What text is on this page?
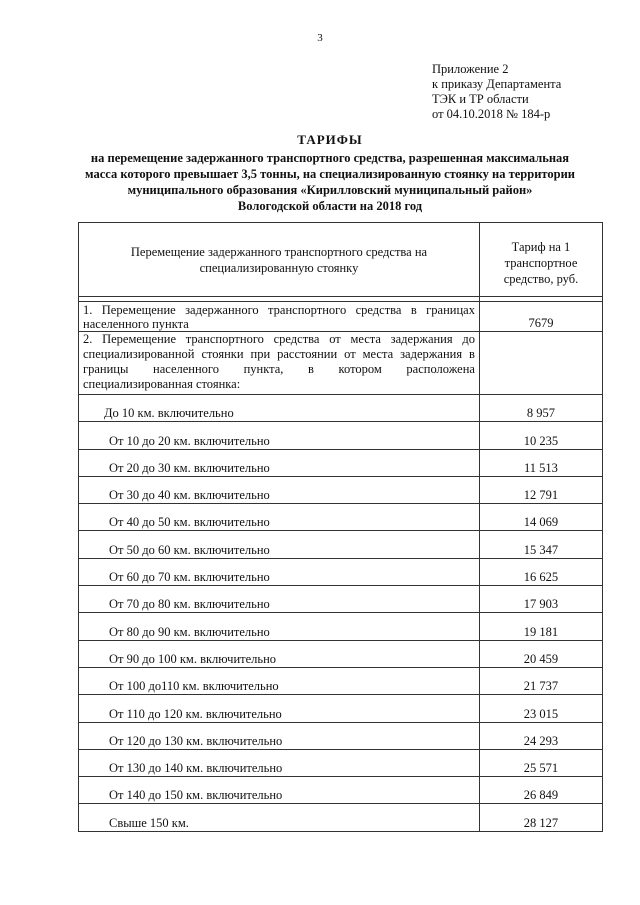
3
Приложение 2
к приказу Департамента
ТЭК и ТР области
от 04.10.2018 № 184-р
ТАРИФЫ
на перемещение задержанного транспортного средства, разрешенная максимальная
масса которого превышает 3,5 тонны, на специализированную стоянку на территории
муниципального образования «Кирилловский муниципальный район»
Вологодской области на 2018 год
Перемещение задержанного транспортного средства на специализированную стоянку	Тариф на 1
транспортное
средство, руб.

1. Перемещение задержанного транспортного средства в границах
населенного пункта	7679

2. Перемещение транспортного средства от места задержания до
специализированной стоянки при расстоянии от места задержания в
границы населенного пункта, в котором расположена
специализированная стоянка:	

До 10 км. включительно	8 957
От 10 до 20 км. включительно	10 235
От 20 до 30 км. включительно	11 513
От 30 до 40 км. включительно	12 791
От 40 до 50 км. включительно	14 069
От 50 до 60 км. включительно	15 347
От 60 до 70 км. включительно	16 625
От 70 до 80 км. включительно	17 903
От 80 до 90 км. включительно	19 181
От 90 до 100 км. включительно	20 459
От 100 до110 км. включительно	21 737
От 110 до 120 км. включительно	23 015
От 120 до 130 км. включительно	24 293
От 130 до 140 км. включительно	25 571
От 140 до 150 км. включительно	26 849
Свыше 150 км.	28 127
